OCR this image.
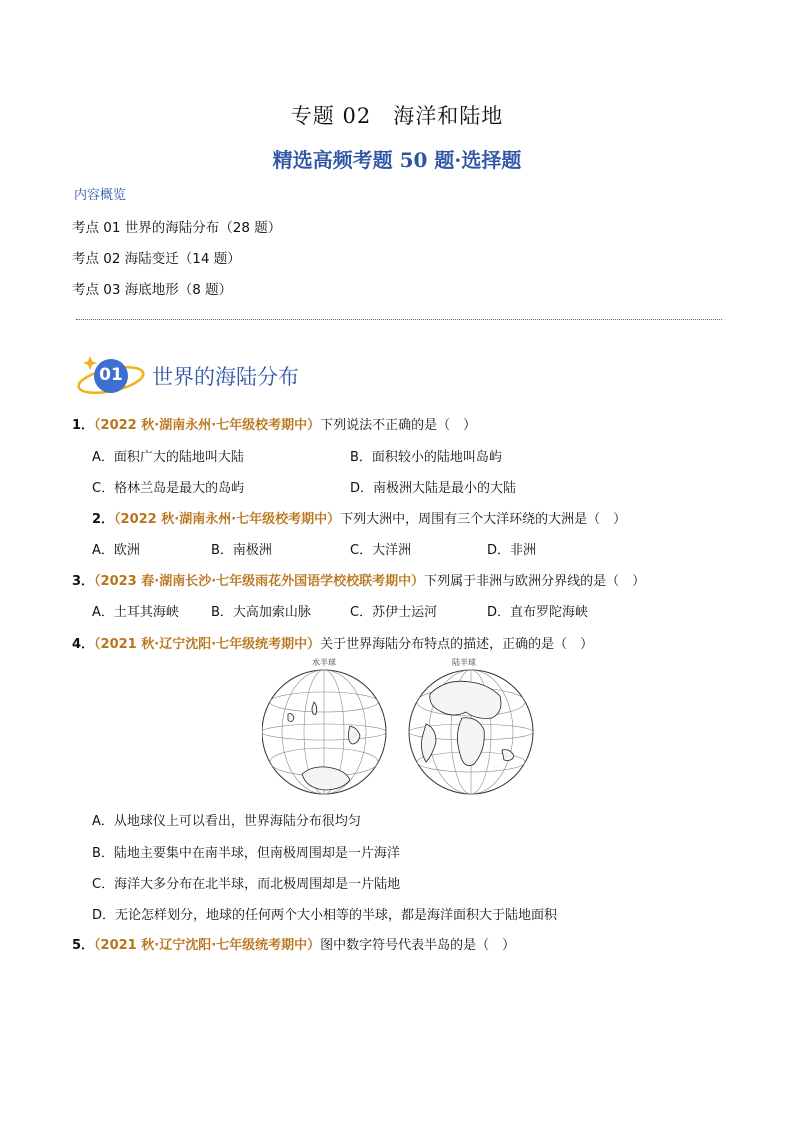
专题 02　海洋和陆地
精选高频考题 50 题·选择题
内容概览
考点 01 世界的海陆分布（28 题）
考点 02 海陆变迁（14 题）
考点 03 海底地形（8 题）
01 世界的海陆分布
1．（2022 秋·湖南永州·七年级校考期中）下列说法不正确的是（　）
A．面积广大的陆地叫大陆	B．面积较小的陆地叫岛屿
C．格林兰岛是最大的岛屿	D．南极洲大陆是最小的大陆
2．（2022 秋·湖南永州·七年级校考期中）下列大洲中，周围有三个大洋环绕的大洲是（　）
A．欧洲	B．南极洲	C．大洋洲	D．非洲
3．（2023 春·湖南长沙·七年级雨花外国语学校校联考期中）下列属于非洲与欧洲分界线的是（　）
A．土耳其海峡 B．大高加索山脉	C．苏伊士运河	D．直布罗陀海峡
4．（2021 秋·辽宁沈阳·七年级统考期中）关于世界海陆分布特点的描述，正确的是（　）
水半球	陆半球
A．从地球仪上可以看出，世界海陆分布很均匀
B．陆地主要集中在南半球，但南极周围却是一片海洋
C．海洋大多分布在北半球，而北极周围却是一片陆地
D．无论怎样划分，地球的任何两个大小相等的半球，都是海洋面积大于陆地面积
5．（2021 秋·辽宁沈阳·七年级统考期中）图中数字符号代表半岛的是（　）
